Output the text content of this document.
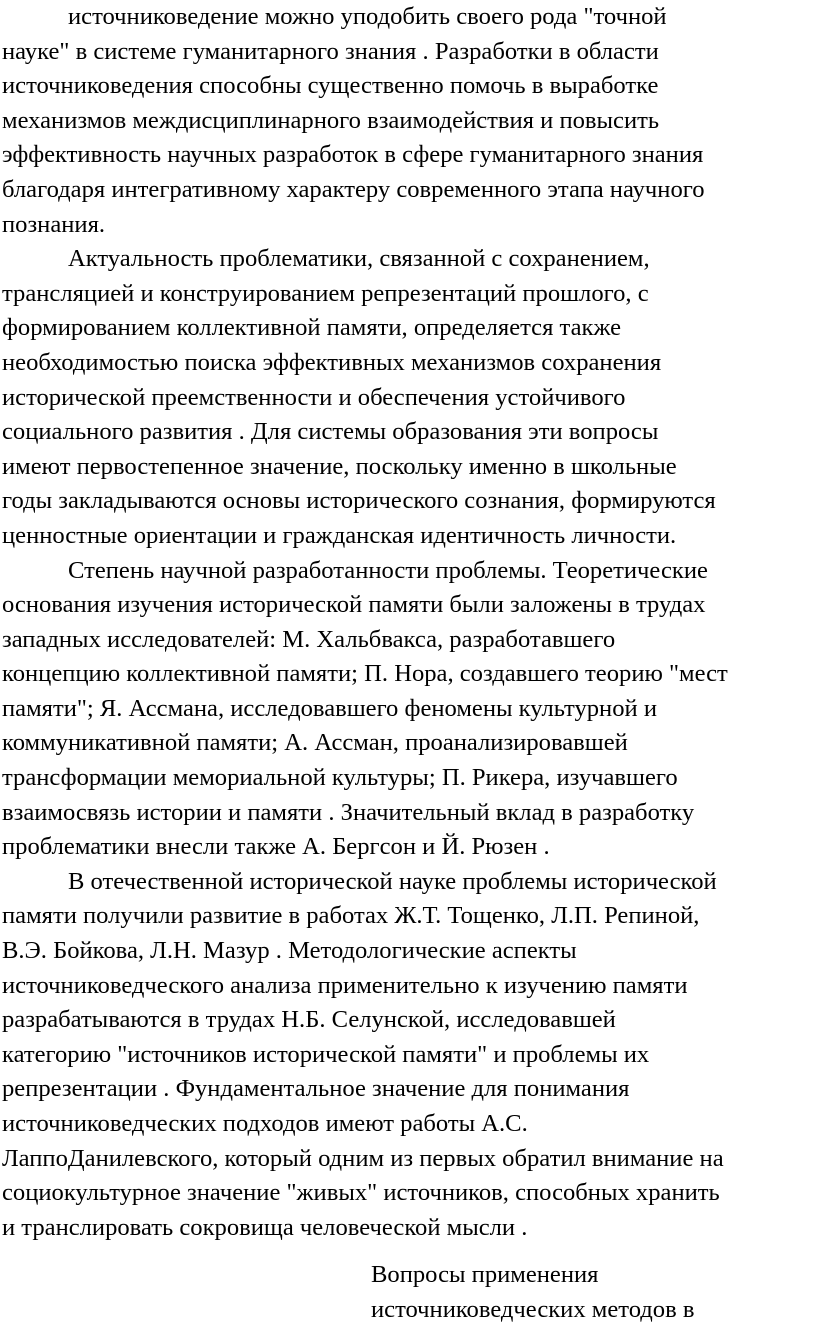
источниковедение можно уподобить своего рода "точной
науке" в системе гуманитарного знания . Разработки в области
источниковедения способны существенно помочь в выработке
механизмов междисциплинарного взаимодействия и повысить
эффективность научных разработок в сфере гуманитарного знания
благодаря интегративному характеру современного этапа научного
познания.
Актуальность проблематики, связанной с сохранением,
трансляцией и конструированием репрезентаций прошлого, с
формированием коллективной памяти, определяется также
необходимостью поиска эффективных механизмов сохранения
исторической преемственности и обеспечения устойчивого
социального развития . Для системы образования эти вопросы
имеют первостепенное значение, поскольку именно в школьные
годы закладываются основы исторического сознания, формируются
ценностные ориентации и гражданская идентичность личности.
Степень научной разработанности проблемы. Теоретические
основания изучения исторической памяти были заложены в трудах
западных исследователей: М. Хальбвакса, разработавшего
концепцию коллективной памяти; П. Нора, создавшего теорию "мест
памяти"; Я. Ассмана, исследовавшего феномены культурной и
коммуникативной памяти; А. Ассман, проанализировавшей
трансформации мемориальной культуры; П. Рикера, изучавшего
взаимосвязь истории и памяти . Значительный вклад в разработку
проблематики внесли также А. Бергсон и Й. Рюзен .
В отечественной исторической науке проблемы исторической
памяти получили развитие в работах Ж.Т. Тощенко, Л.П. Репиной,
В.Э. Бойкова, Л.Н. Мазур . Методологические аспекты
источниковедческого анализа применительно к изучению памяти
разрабатываются в трудах Н.Б. Селунской, исследовавшей
категорию "источников исторической памяти" и проблемы их
репрезентации . Фундаментальное значение для понимания
источниковедческих подходов имеют работы А.С.
ЛаппоДанилевского, который одним из первых обратил внимание на
социокультурное значение "живых" источников, способных хранить
и транслировать сокровища человеческой мысли .
Вопросы применения
источниковедческих методов в
